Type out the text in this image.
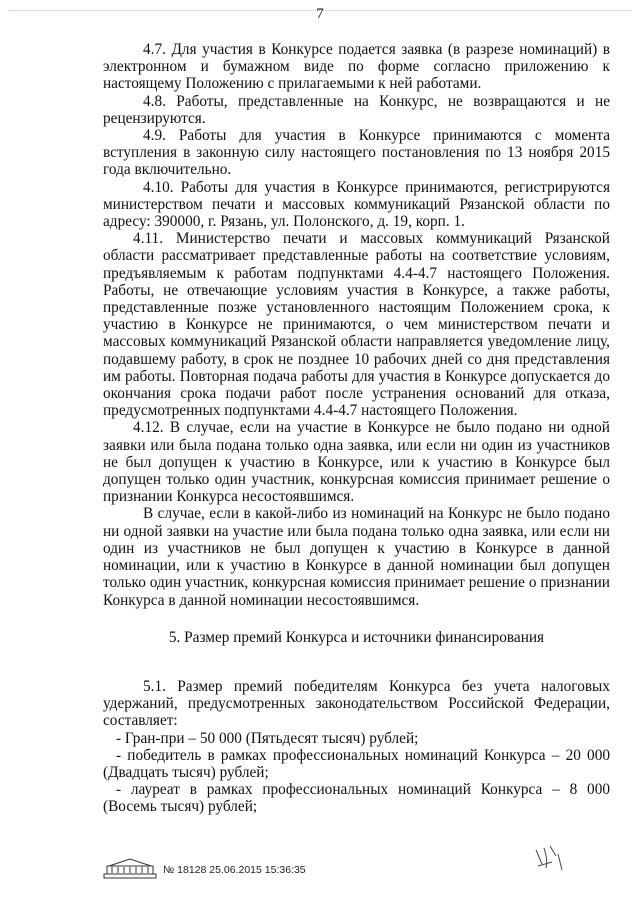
7

4.7. Для участия в Конкурсе подается заявка (в разрезе номинаций) в электронном и бумажном виде по форме согласно приложению к настоящему Положению с прилагаемыми к ней работами.

4.8. Работы, представленные на Конкурс, не возвращаются и не рецензируются.

4.9. Работы для участия в Конкурсе принимаются с момента вступления в законную силу настоящего постановления по 13 ноября 2015 года включительно.

4.10. Работы для участия в Конкурсе принимаются, регистрируются министерством печати и массовых коммуникаций Рязанской области по адресу: 390000, г. Рязань, ул. Полонского, д. 19, корп. 1.

4.11. Министерство печати и массовых коммуникаций Рязанской области рассматривает представленные работы на соответствие условиям, предъявляемым к работам подпунктами 4.4-4.7 настоящего Положения. Работы, не отвечающие условиям участия в Конкурсе, а также работы, представленные позже установленного настоящим Положением срока, к участию в Конкурсе не принимаются, о чем министерством печати и массовых коммуникаций Рязанской области направляется уведомление лицу, подавшему работу, в срок не позднее 10 рабочих дней со дня представления им работы. Повторная подача работы для участия в Конкурсе допускается до окончания срока подачи работ после устранения оснований для отказа, предусмотренных подпунктами 4.4-4.7 настоящего Положения.

4.12. В случае, если на участие в Конкурсе не было подано ни одной заявки или была подана только одна заявка, или если ни один из участников не был допущен к участию в Конкурсе, или к участию в Конкурсе был допущен только один участник, конкурсная комиссия принимает решение о признании Конкурса несостоявшимся.

В случае, если в какой-либо из номинаций на Конкурс не было подано ни одной заявки на участие или была подана только одна заявка, или если ни один из участников не был допущен к участию в Конкурсе в данной номинации, или к участию в Конкурсе в данной номинации был допущен только один участник, конкурсная комиссия принимает решение о признании Конкурса в данной номинации несостоявшимся.

5. Размер премий Конкурса и источники финансирования

5.1. Размер премий победителям Конкурса без учета налоговых удержаний, предусмотренных законодательством Российской Федерации, составляет:

- Гран-при – 50 000 (Пятьдесят тысяч) рублей;

- победитель в рамках профессиональных номинаций Конкурса – 20 000 (Двадцать тысяч) рублей;

- лауреат в рамках профессиональных номинаций Конкурса – 8 000 (Восемь тысяч) рублей;

№ 18128 25.06.2015 15:36:35
